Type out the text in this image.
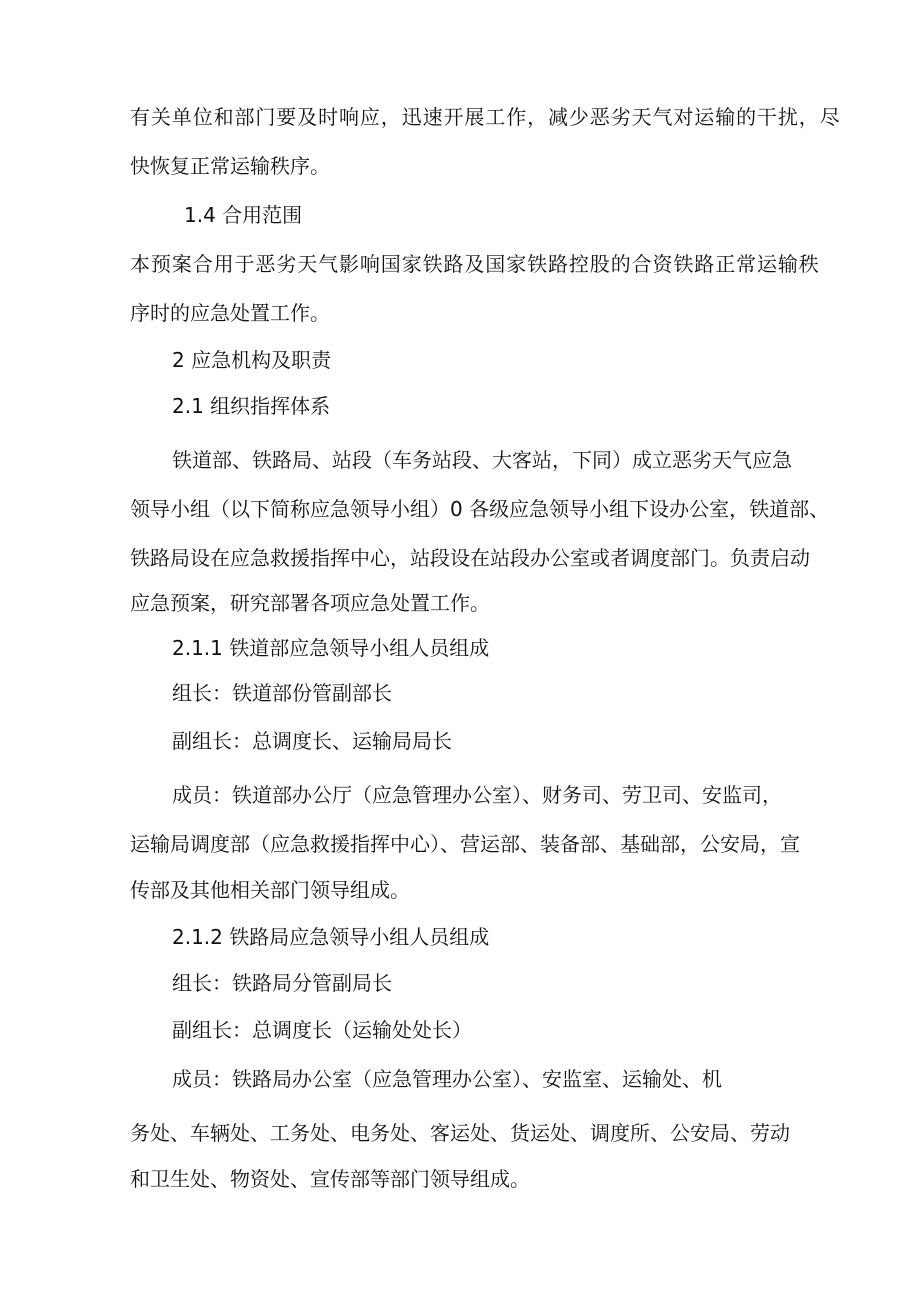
有关单位和部门要及时响应，迅速开展工作，减少恶劣天气对运输的干扰，尽

快恢复正常运输秩序。

1.4 合用范围

本预案合用于恶劣天气影响国家铁路及国家铁路控股的合资铁路正常运输秩

序时的应急处置工作。

2 应急机构及职责

2.1 组织指挥体系

铁道部、铁路局、站段（车务站段、大客站，下同）成立恶劣天气应急

领导小组（以下简称应急领导小组）0 各级应急领导小组下设办公室，铁道部、

铁路局设在应急救援指挥中心，站段设在站段办公室或者调度部门。负责启动

应急预案，研究部署各项应急处置工作。

2.1.1 铁道部应急领导小组人员组成

组长：铁道部份管副部长

副组长：总调度长、运输局局长

成员：铁道部办公厅（应急管理办公室）、财务司、劳卫司、安监司，

运输局调度部（应急救援指挥中心）、营运部、装备部、基础部，公安局，宣

传部及其他相关部门领导组成。

2.1.2 铁路局应急领导小组人员组成

组长：铁路局分管副局长

副组长：总调度长（运输处处长）

成员：铁路局办公室（应急管理办公室）、安监室、运输处、机

务处、车辆处、工务处、电务处、客运处、货运处、调度所、公安局、劳动

和卫生处、物资处、宣传部等部门领导组成。
